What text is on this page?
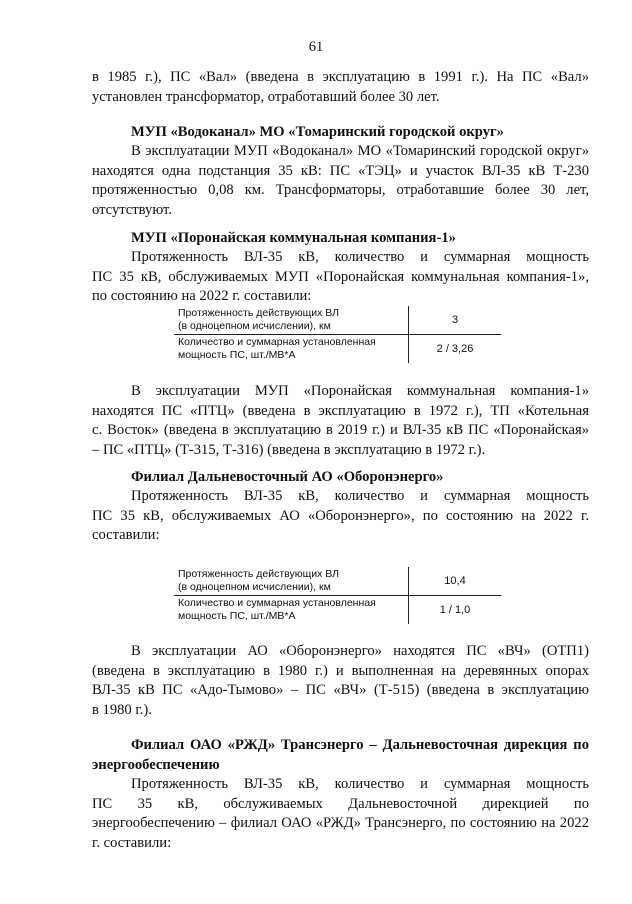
61
в 1985 г.), ПС «Вал» (введена в эксплуатацию в 1991 г.). На ПС «Вал»
установлен трансформатор, отработавший более 30 лет.
МУП «Водоканал» МО «Томаринский городской округ»
В эксплуатации МУП «Водоканал» МО «Томаринский городской округ»
находятся одна подстанция 35 кВ: ПС «ТЭЦ» и участок ВЛ-35 кВ Т-230
протяженностью 0,08 км. Трансформаторы, отработавшие более 30 лет,
отсутствуют.
МУП «Поронайская коммунальная компания-1»
Протяженность ВЛ-35 кВ, количество и суммарная мощность
ПС 35 кВ, обслуживаемых МУП «Поронайская коммунальная компания-1»,
по состоянию на 2022 г. составили:
Протяженность действующих ВЛ
(в одноцепном исчислении), км	3

Количество и суммарная установленная
мощность ПС, шт./МВ*А	2 / 3,26
В эксплуатации МУП «Поронайская коммунальная компания-1»
находятся ПС «ПТЦ» (введена в эксплуатацию в 1972 г.), ТП «Котельная
с. Восток» (введена в эксплуатацию в 2019 г.) и ВЛ-35 кВ ПС «Поронайская»
– ПС «ПТЦ» (Т-315, Т-316) (введена в эксплуатацию в 1972 г.).
Филиал Дальневосточный АО «Оборонэнерго»
Протяженность ВЛ-35 кВ, количество и суммарная мощность
ПС 35 кВ, обслуживаемых АО «Оборонэнерго», по состоянию на 2022 г.
составили:
Протяженность действующих ВЛ
(в одноцепном исчислении), км	10,4

Количество и суммарная установленная
мощность ПС, шт./МВ*А	1 / 1,0
В эксплуатации АО «Оборонэнерго» находятся ПС «ВЧ» (ОТП1)
(введена в эксплуатацию в 1980 г.) и выполненная на деревянных опорах
ВЛ-35 кВ ПС «Адо-Тымово» – ПС «ВЧ» (Т-515) (введена в эксплуатацию
в 1980 г.).
Филиал ОАО «РЖД» Трансэнерго – Дальневосточная дирекция по
энергообеспечению
Протяженность ВЛ-35 кВ, количество и суммарная мощность
ПС 35 кВ, обслуживаемых Дальневосточной дирекцией по
энергообеспечению – филиал ОАО «РЖД» Трансэнерго, по состоянию на 2022
г. составили:
